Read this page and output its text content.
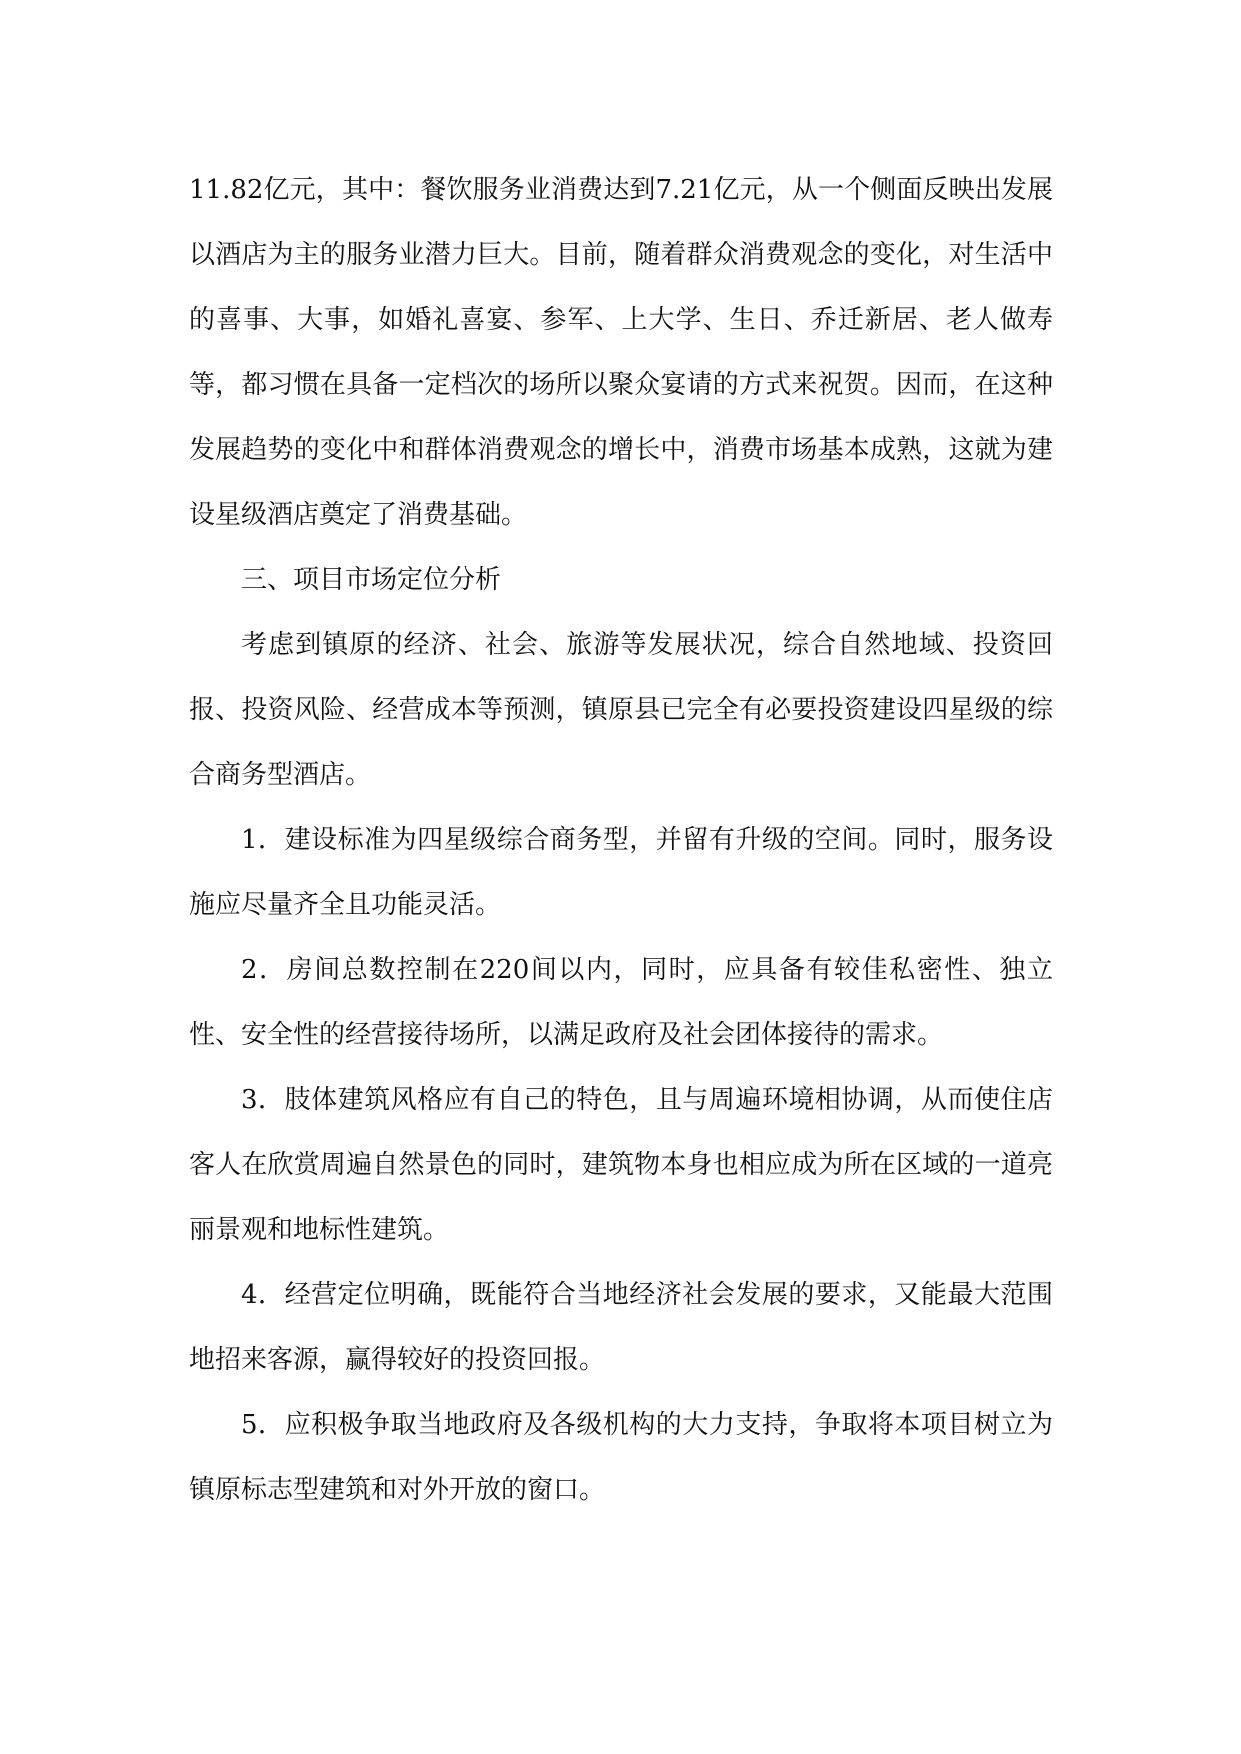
11.82亿元，其中：餐饮服务业消费达到7.21亿元，从一个侧面反映出发展以酒店为主的服务业潜力巨大。目前，随着群众消费观念的变化，对生活中的喜事、大事，如婚礼喜宴、参军、上大学、生日、乔迁新居、老人做寿等，都习惯在具备一定档次的场所以聚众宴请的方式来祝贺。因而，在这种发展趋势的变化中和群体消费观念的增长中，消费市场基本成熟，这就为建设星级酒店奠定了消费基础。

三、项目市场定位分析

考虑到镇原的经济、社会、旅游等发展状况，综合自然地域、投资回报、投资风险、经营成本等预测，镇原县已完全有必要投资建设四星级的综合商务型酒店。

1．建设标准为四星级综合商务型，并留有升级的空间。同时，服务设施应尽量齐全且功能灵活。

2．房间总数控制在220间以内，同时，应具备有较佳私密性、独立性、安全性的经营接待场所，以满足政府及社会团体接待的需求。

3．肢体建筑风格应有自己的特色，且与周遍环境相协调，从而使住店客人在欣赏周遍自然景色的同时，建筑物本身也相应成为所在区域的一道亮丽景观和地标性建筑。

4．经营定位明确，既能符合当地经济社会发展的要求，又能最大范围地招来客源，赢得较好的投资回报。

5．应积极争取当地政府及各级机构的大力支持，争取将本项目树立为镇原标志型建筑和对外开放的窗口。
